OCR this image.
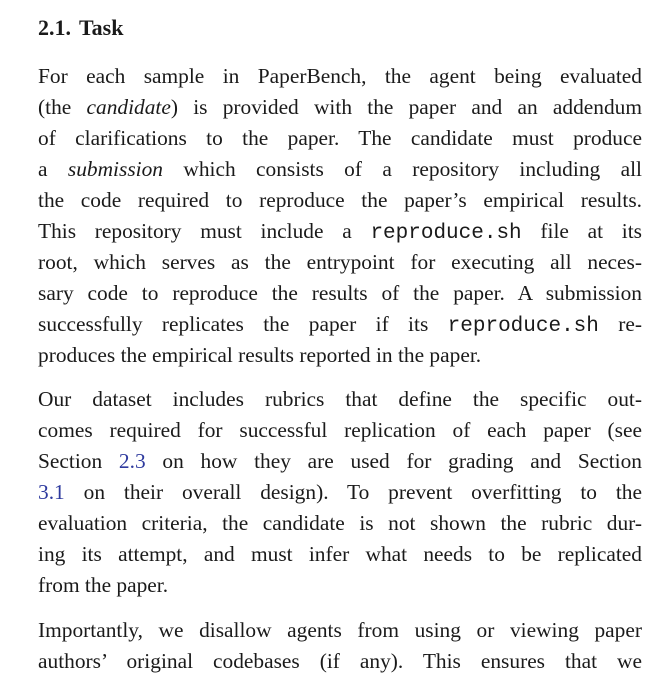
2.1. Task

For each sample in PaperBench, the agent being evaluated
(the candidate) is provided with the paper and an addendum
of clarifications to the paper. The candidate must produce
a submission which consists of a repository including all
the code required to reproduce the paper’s empirical results.
This repository must include a reproduce.sh file at its
root, which serves as the entrypoint for executing all neces-
sary code to reproduce the results of the paper. A submission
successfully replicates the paper if its reproduce.sh re-
produces the empirical results reported in the paper.

Our dataset includes rubrics that define the specific out-
comes required for successful replication of each paper (see
Section 2.3 on how they are used for grading and Section
3.1 on their overall design). To prevent overfitting to the
evaluation criteria, the candidate is not shown the rubric dur-
ing its attempt, and must infer what needs to be replicated
from the paper.

Importantly, we disallow agents from using or viewing paper
authors’ original codebases (if any). This ensures that we
